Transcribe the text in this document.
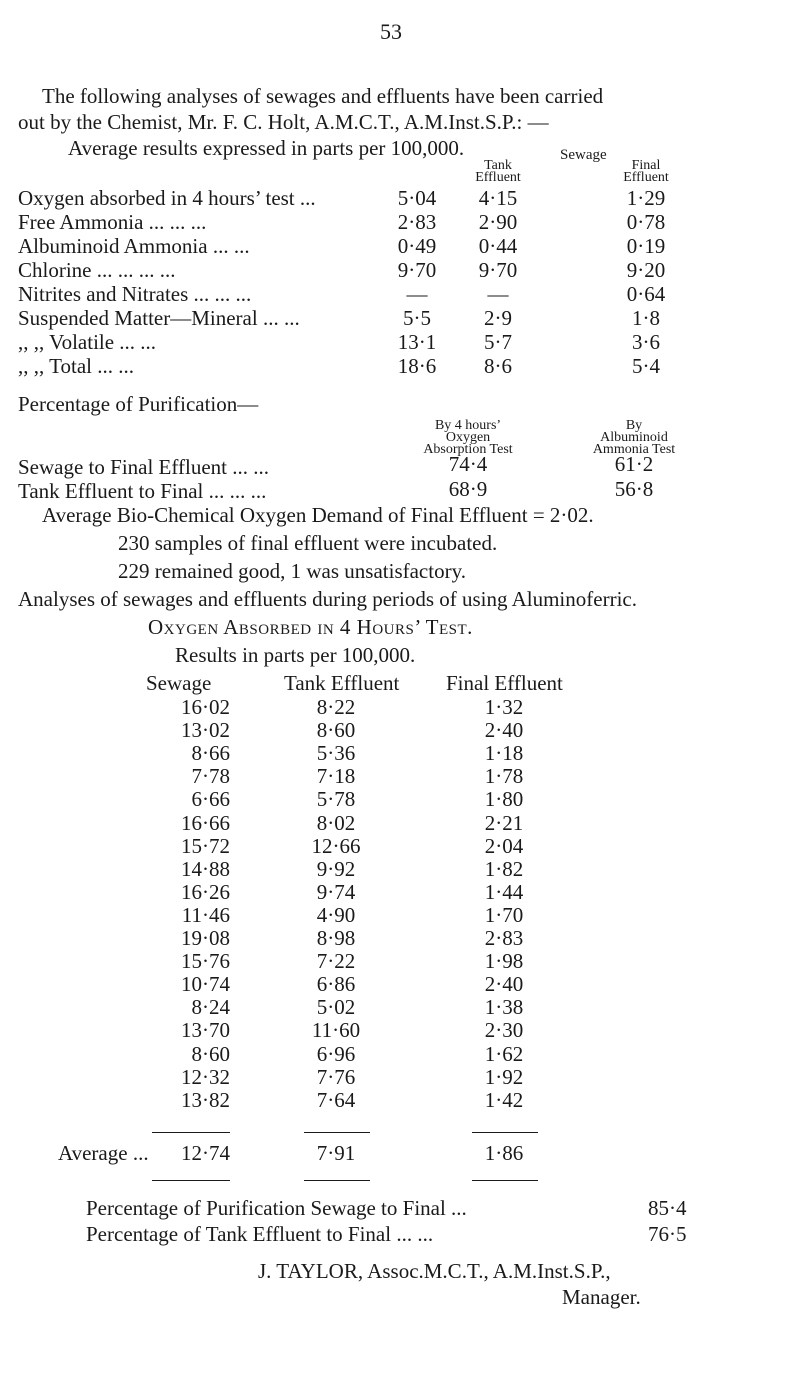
53
The following analyses of sewages and effluents have been carried
out by the Chemist, Mr. F. C. Holt, A.M.C.T., A.M.Inst.S.P.: —
Average results expressed in parts per 100,000.	Sewage
Tank
Effluent
Final
Effluent
Oxygen absorbed in 4 hours’ test ...	5·04	4·15	1·29
Free Ammonia ... ... ...	2·83	2·90	0·78
Albuminoid Ammonia ... ...	0·49	0·44	0·19
Chlorine ... ... ... ...	9·70	9·70	9·20
Nitrites and Nitrates ... ... ...	—	—	0·64
Suspended Matter—Mineral ... ...	5·5	2·9	1·8
,, ,, Volatile ... ...	13·1	5·7	3·6
,, ,, Total ... ...	18·6	8·6	5·4
Percentage of Purification—
By 4 hours’
Oxygen
Absorption Test
By
Albuminoid
Ammonia Test
Sewage to Final Effluent ... ...	74·4	61·2
Tank Effluent to Final ... ... ...	68·9	56·8
Average Bio-Chemical Oxygen Demand of Final Effluent = 2·02.
230 samples of final effluent were incubated.
229 remained good, 1 was unsatisfactory.
Analyses of sewages and effluents during periods of using Aluminoferric.
Oxygen Absorbed in 4 Hours’ Test.
Results in parts per 100,000.
Sewage	Tank Effluent Final Effluent
16·02	8·22	1·32
13·02	8·60	2·40
8·66	5·36	1·18
7·78	7·18	1·78
6·66	5·78	1·80
16·66	8·02	2·21
15·72	12·66	2·04
14·88	9·92	1·82
16·26	9·74	1·44
11·46	4·90	1·70
19·08	8·98	2·83
15·76	7·22	1·98
10·74	6·86	2·40
8·24	5·02	1·38
13·70	11·60	2·30
8·60	6·96	1·62
12·32	7·76	1·92
13·82	7·64	1·42
Average ...	12·74	7·91	1·86
Percentage of Purification Sewage to Final ...	85·4
Percentage of Tank Effluent to Final ... ...	76·5
J. TAYLOR, Assoc.M.C.T., A.M.Inst.S.P.,
Manager.
